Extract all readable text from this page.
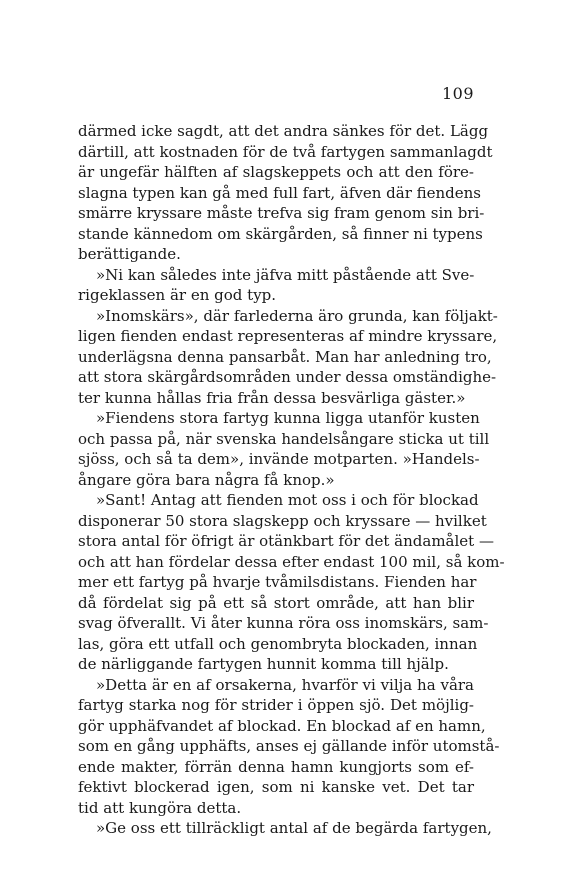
109
därmed icke sagdt, att det andra sänkes för det. Lägg
därtill, att kostnaden för de två fartygen sammanlagdt
är ungefär hälften af slagskeppets och att den före-
slagna typen kan gå med full fart, äfven där fiendens
smärre kryssare måste trefva sig fram genom sin bri-
stande kännedom om skärgården, så finner ni typens
berättigande.
»Ni kan således inte jäfva mitt påstående att Sve-
rigeklassen är en god typ.
»Inomskärs», där farlederna äro grunda, kan följakt-
ligen fienden endast representeras af mindre kryssare,
underlägsna denna pansarbåt. Man har anledning tro,
att stora skärgårdsområden under dessa omständighe-
ter kunna hållas fria från dessa besvärliga gäster.»
»Fiendens stora fartyg kunna ligga utanför kusten
och passa på, när svenska handelsångare sticka ut till
sjöss, och så ta dem», invände motparten. »Handels-
ångare göra bara några få knop.»
»Sant! Antag att fienden mot oss i och för blockad
disponerar 50 stora slagskepp och kryssare — hvilket
stora antal för öfrigt är otänkbart för det ändamålet —
och att han fördelar dessa efter endast 100 mil, så kom-
mer ett fartyg på hvarje tvåmilsdistans. Fienden har
då fördelat sig på ett så stort område, att han blir
svag öfverallt. Vi åter kunna röra oss inomskärs, sam-
las, göra ett utfall och genombryta blockaden, innan
de närliggande fartygen hunnit komma till hjälp.
»Detta är en af orsakerna, hvarför vi vilja ha våra
fartyg starka nog för strider i öppen sjö. Det möjlig-
gör upphäfvandet af blockad. En blockad af en hamn,
som en gång upphäfts, anses ej gällande inför utomstå-
ende makter, förrän denna hamn kungjorts som ef-
fektivt blockerad igen, som ni kanske vet. Det tar
tid att kungöra detta.
»Ge oss ett tillräckligt antal af de begärda fartygen,
